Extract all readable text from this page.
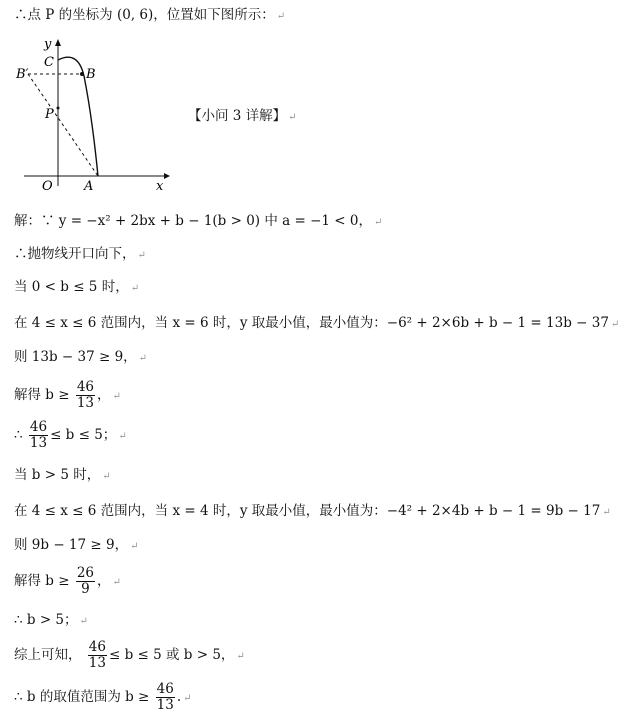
∴点 P 的坐标为 (0, 6)，位置如下图所示： ↵
y
C
B
B′
P
O A	x
【小问 3 详解】 ↵
解：∵ y = −x² + 2bx + b − 1(b > 0) 中 a = −1 < 0， ↵
∴抛物线开口向下， ↵
当 0 < b ≤ 5 时， ↵
在 4 ≤ x ≤ 6 范围内，当 x = 6 时，y 取最小值，最小值为：−6² + 2×6b + b − 1 = 13b − 37 ↵
则 13b − 37 ≥ 9， ↵
解得 $b \ge \frac{46}{13}$ ， ↵
∴ $\frac{46}{13} \le b \le 5$； ↵
当 b > 5 时， ↵
在 4 ≤ x ≤ 6 范围内，当 x = 4 时，y 取最小值，最小值为：−4² + 2×4b + b − 1 = 9b − 17 ↵
则 9b − 17 ≥ 9， ↵
解得 $b \ge \frac{26}{9}$ ， ↵
∴ b > 5； ↵
综上可知， $\frac{46}{13} \le b \le 5$ 或 b > 5， ↵
∴ b 的取值范围为 $b \ge \frac{46}{13}$ . ↵
